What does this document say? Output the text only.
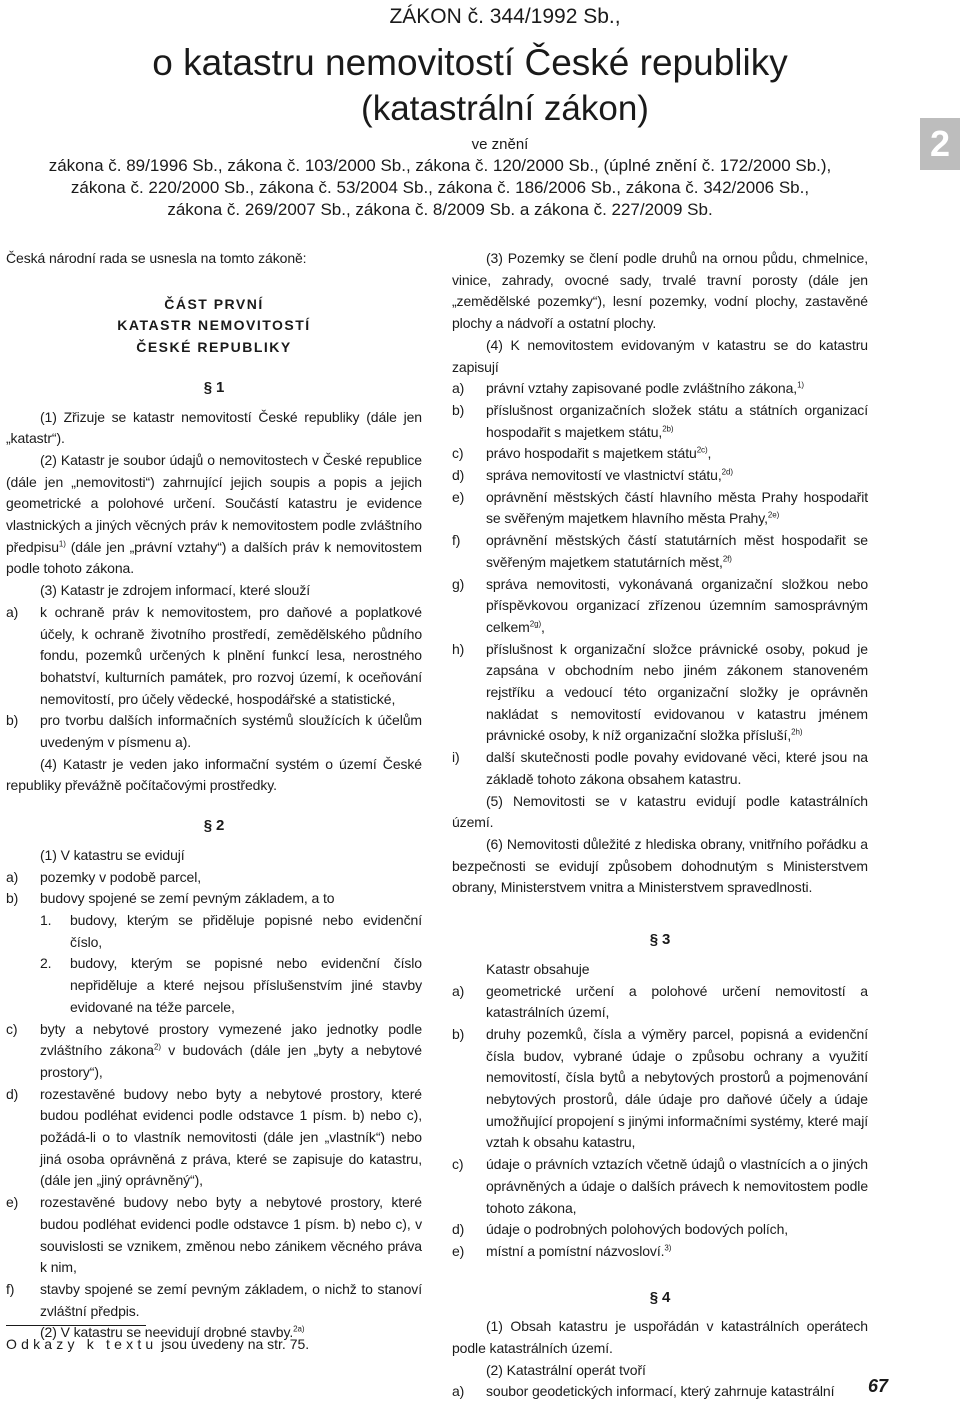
ZÁKON č. 344/1992 Sb.,
o katastru nemovitostí České republiky
(katastrální zákon)
ve znění
zákona č. 89/1996 Sb., zákona č. 103/2000 Sb., zákona č. 120/2000 Sb., (úplné znění č. 172/2000 Sb.),
zákona č. 220/2000 Sb., zákona č. 53/2004 Sb., zákona č. 186/2006 Sb., zákona č. 342/2006 Sb.,
zákona č. 269/2007 Sb., zákona č. 8/2009 Sb. a zákona č. 227/2009 Sb.
2

Česká národní rada se usnesla na tomto zákoně:

ČÁST PRVNÍ

KATASTR NEMOVITOSTÍ

ČESKÉ REPUBLIKY

§ 1

(1) Zřizuje se katastr nemovitostí České republiky (dále jen „katastr“).

(2) Katastr je soubor údajů o nemovitostech v České republice (dále jen „nemovitosti“) zahrnující jejich soupis a popis a jejich geometrické a polohové určení. Součástí katastru je evidence vlastnických a jiných věcných práv k nemovitostem podle zvláštního předpisu$^{1)}$ (dále jen „právní vztahy“) a dalších práv k nemovitostem podle tohoto zákona.

(3) Katastr je zdrojem informací, které slouží

a)	k ochraně práv k nemovitostem, pro daňové a poplatkové účely, k ochraně životního prostředí, zemědělského půdního fondu, pozemků určených k plnění funkcí lesa, nerostného bohatství, kulturních památek, pro rozvoj území, k oceňování nemovitostí, pro účely vědecké, hospodářské a statistické,
b)	pro tvorbu dalších informačních systémů sloužících k účelům uvedeným v písmenu a).

(4) Katastr je veden jako informační systém o území České republiky převážně počítačovými prostředky.

§ 2

(1) V katastru se evidují

a)	pozemky v podobě parcel,
b)	budovy spojené se zemí pevným základem, a to
1.	budovy, kterým se přiděluje popisné nebo evidenční číslo,
2.	budovy, kterým se popisné nebo evidenční číslo nepřiděluje a které nejsou příslušenstvím jiné stavby evidované na téže parcele,
c)	byty a nebytové prostory vymezené jako jednotky podle zvláštního zákona$^{2)}$ v budovách (dále jen „byty a nebytové prostory“),
d)	rozestavěné budovy nebo byty a nebytové prostory, které budou podléhat evidenci podle odstavce 1 písm. b) nebo c), požádá-li o to vlastník nemovitosti (dále jen „vlastník“) nebo jiná osoba oprávněná z práva, které se zapisuje do katastru, (dále jen „jiný oprávněný“),
e)	rozestavěné budovy nebo byty a nebytové prostory, které budou podléhat evidenci podle odstavce 1 písm. b) nebo c), v souvislosti se vznikem, změnou nebo zánikem věcného práva k nim,
f)	stavby spojené se zemí pevným základem, o nichž to stanoví zvláštní předpis.

(2) V katastru se neevidují drobné stavby.$^{2a)}$

(3) Pozemky se člení podle druhů na ornou půdu, chmelnice, vinice, zahrady, ovocné sady, trvalé travní porosty (dále jen „zemědělské pozemky“), lesní pozemky, vodní plochy, zastavěné plochy a nádvoří a ostatní plochy.

(4) K nemovitostem evidovaným v katastru se do katastru zapisují

a)	právní vztahy zapisované podle zvláštního zákona,$^{1)}$
b)	příslušnost organizačních složek státu a státních organizací hospodařit s majetkem státu,$^{2b)}$
c)	právo hospodařit s majetkem státu$^{2c)}$,
d)	správa nemovitostí ve vlastnictví státu,$^{2d)}$
e)	oprávnění městských částí hlavního města Prahy hospodařit se svěřeným majetkem hlavního města Prahy,$^{2e)}$
f)	oprávnění městských částí statutárních měst hospodařit se svěřeným majetkem statutárních měst,$^{2f)}$
g)	správa nemovitosti, vykonávaná organizační složkou nebo příspěvkovou organizací zřízenou územním samosprávným celkem$^{2g)}$,
h)	příslušnost k organizační složce právnické osoby, pokud je zapsána v obchodním nebo jiném zákonem stanoveném rejstříku a vedoucí této organizační složky je oprávněn nakládat s nemovitostí evidovanou v katastru jménem právnické osoby, k níž organizační složka přísluší,$^{2h)}$
i)	další skutečnosti podle povahy evidované věci, které jsou na základě tohoto zákona obsahem katastru.

(5) Nemovitosti se v katastru evidují podle katastrálních území.

(6) Nemovitosti důležité z hlediska obrany, vnitřního pořádku a bezpečnosti se evidují způsobem dohodnutým s Ministerstvem obrany, Ministerstvem vnitra a Ministerstvem spravedlnosti.

§ 3

Katastr obsahuje

a)	geometrické určení a polohové určení nemovitostí a katastrálních území,
b)	druhy pozemků, čísla a výměry parcel, popisná a evidenční čísla budov, vybrané údaje o způsobu ochrany a využití nemovitostí, čísla bytů a nebytových prostorů a pojmenování nebytových prostorů, dále údaje pro daňové účely a údaje umožňující propojení s jinými informačními systémy, které mají vztah k obsahu katastru,
c)	údaje o právních vztazích včetně údajů o vlastnících a o jiných oprávněných a údaje o dalších právech k nemovitostem podle tohoto zákona,
d)	údaje o podrobných polohových bodových polích,
e)	místní a pomístní názvosloví.$^{3)}$

§ 4

(1) Obsah katastru je uspořádán v katastrálních operátech podle katastrálních území.

(2) Katastrální operát tvoří

a)	soubor geodetických informací, který zahrnuje katastrální
Odkazy k textu jsou uvedeny na str. 75.
67
